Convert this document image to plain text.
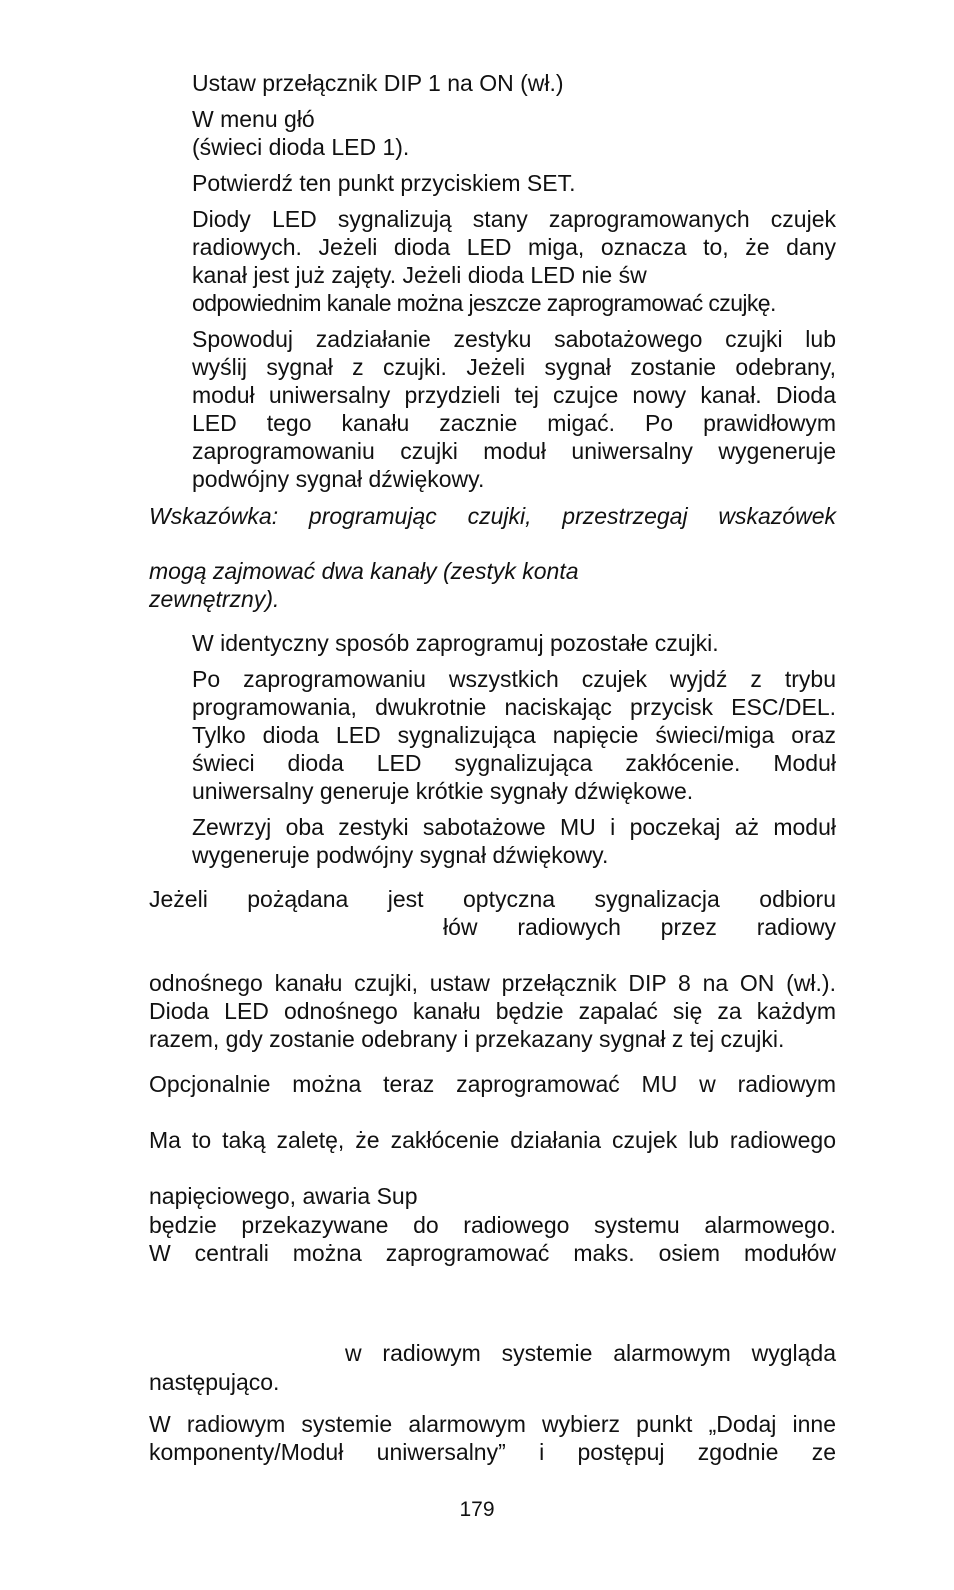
Ustaw przełącznik DIP 1 na ON (wł.)
W menu głó
(świeci dioda LED 1).
Potwierdź ten punkt przyciskiem SET.
Diody LED sygnalizują stany zaprogramowanych czujek
radiowych. Jeżeli dioda LED miga, oznacza to, że dany
kanał jest już zajęty. Jeżeli dioda LED nie św
odpowiednim kanale można jeszcze zaprogramować czujkę.
Spowoduj zadziałanie zestyku sabotażowego czujki lub
wyślij sygnał z czujki. Jeżeli sygnał zostanie odebrany,
moduł uniwersalny przydzieli tej czujce nowy kanał. Dioda
LED tego kanału zacznie migać. Po prawidłowym
zaprogramowaniu czujki moduł uniwersalny wygeneruje
podwójny sygnał dźwiękowy.
Wskazówka: programując czujki, przestrzegaj wskazówek
mogą zajmować dwa kanały (zestyk konta
zewnętrzny).
W identyczny sposób zaprogramuj pozostałe czujki.
Po zaprogramowaniu wszystkich czujek wyjdź z trybu
programowania, dwukrotnie naciskając przycisk ESC/DEL.
Tylko dioda LED sygnalizująca napięcie świeci/miga oraz
świeci dioda LED sygnalizująca zakłócenie. Moduł
uniwersalny generuje krótkie sygnały dźwiękowe.
Zewrzyj oba zestyki sabotażowe MU i poczekaj aż moduł
wygeneruje podwójny sygnał dźwiękowy.
Jeżeli pożądana jest optyczna sygnalizacja odbioru
łów radiowych przez radiowy
odnośnego kanału czujki, ustaw przełącznik DIP 8 na ON (wł.).
Dioda LED odnośnego kanału będzie zapalać się za każdym
razem, gdy zostanie odebrany i przekazany sygnał z tej czujki.
Opcjonalnie można teraz zaprogramować MU w radiowym
Ma to taką zaletę, że zakłócenie działania czujek lub radiowego
napięciowego, awaria Sup
będzie przekazywane do radiowego systemu alarmowego.
W centrali można zaprogramować maks. osiem modułów
w radiowym systemie alarmowym wygląda
następująco.
W radiowym systemie alarmowym wybierz punkt „Dodaj inne
komponenty/Moduł uniwersalny” i postępuj zgodnie ze
179
